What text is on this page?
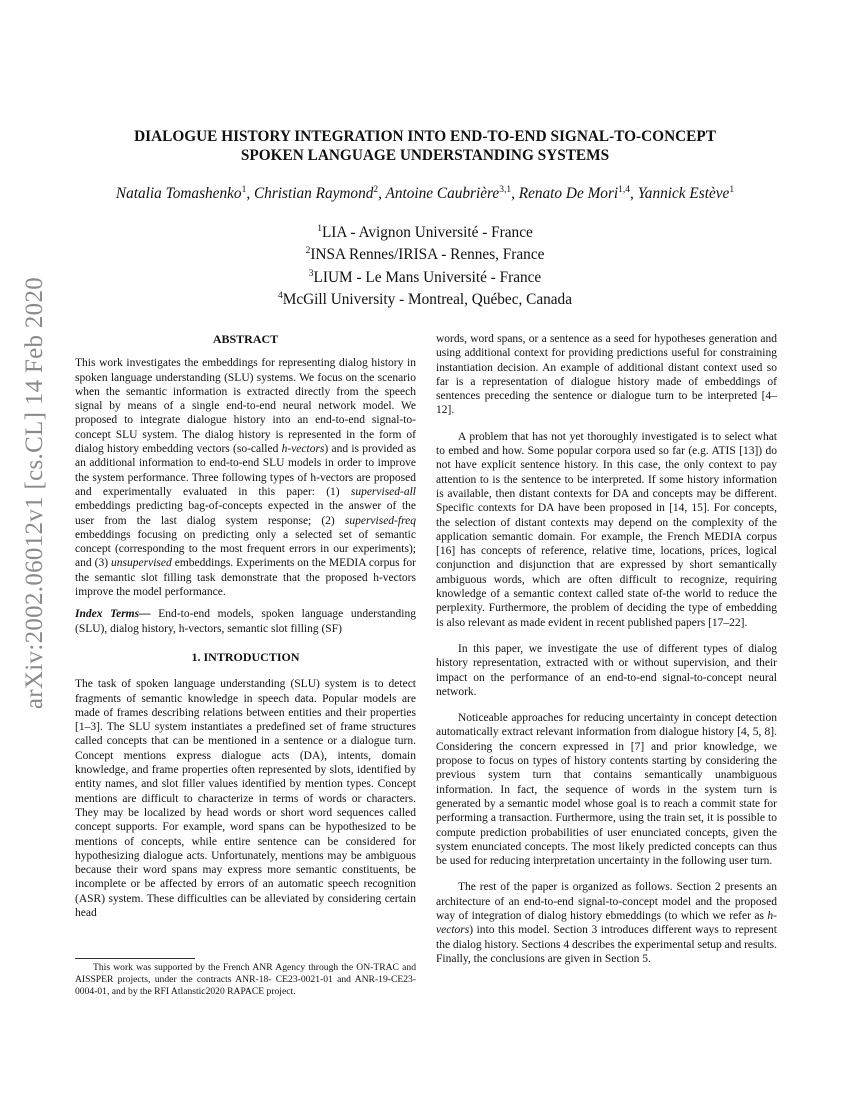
arXiv:2002.06012v1 [cs.CL] 14 Feb 2020
DIALOGUE HISTORY INTEGRATION INTO END-TO-END SIGNAL-TO-CONCEPT
SPOKEN LANGUAGE UNDERSTANDING SYSTEMS
Natalia Tomashenko$^1$, Christian Raymond$^2$, Antoine Caubrière$^{3,1}$, Renato De Mori$^{1,4}$, Yannick Estève$^1$
$^1$LIA - Avignon Université - France
$^2$INSA Rennes/IRISA - Rennes, France
$^3$LIUM - Le Mans Université - France
$^4$McGill University - Montreal, Québec, Canada
ABSTRACT

This work investigates the embeddings for representing dialog history in spoken language understanding (SLU) systems. We focus on the scenario when the semantic information is extracted directly from the speech signal by means of a single end-to-end neural network model. We proposed to integrate dialogue history into an end-to-end signal-to-concept SLU system. The dialog history is represented in the form of dialog history embedding vectors (so-called h-vectors) and is provided as an additional information to end-to-end SLU models in order to improve the system performance. Three following types of h-vectors are proposed and experimentally evaluated in this paper: (1) supervised-all embeddings predicting bag-of-concepts expected in the answer of the user from the last dialog system response; (2) supervised-freq embeddings focusing on predicting only a selected set of semantic concept (corresponding to the most frequent errors in our experiments); and (3) unsupervised embeddings. Experiments on the MEDIA corpus for the semantic slot filling task demonstrate that the proposed h-vectors improve the model performance.

Index Terms— End-to-end models, spoken language understanding (SLU), dialog history, h-vectors, semantic slot filling (SF)

1. INTRODUCTION

The task of spoken language understanding (SLU) system is to detect fragments of semantic knowledge in speech data. Popular models are made of frames describing relations between entities and their properties [1–3]. The SLU system instantiates a predefined set of frame structures called concepts that can be mentioned in a sentence or a dialogue turn. Concept mentions express dialogue acts (DA), intents, domain knowledge, and frame properties often represented by slots, identified by entity names, and slot filler values identified by mention types. Concept mentions are difficult to characterize in terms of words or characters. They may be localized by head words or short word sequences called concept supports. For example, word spans can be hypothesized to be mentions of concepts, while entire sentence can be considered for hypothesizing dialogue acts. Unfortunately, mentions may be ambiguous because their word spans may express more semantic constituents, be incomplete or be affected by errors of an automatic speech recognition (ASR) system. These difficulties can be alleviated by considering certain head

This work was supported by the French ANR Agency through the ON-TRAC and AISSPER projects, under the contracts ANR-18- CE23-0021-01 and ANR-19-CE23-0004-01, and by the RFI Atlanstic2020 RAPACE project.

words, word spans, or a sentence as a seed for hypotheses generation and using additional context for providing predictions useful for constraining instantiation decision. An example of additional distant context used so far is a representation of dialogue history made of embeddings of sentences preceding the sentence or dialogue turn to be interpreted [4–12].

A problem that has not yet thoroughly investigated is to select what to embed and how. Some popular corpora used so far (e.g. ATIS [13]) do not have explicit sentence history. In this case, the only context to pay attention to is the sentence to be interpreted. If some history information is available, then distant contexts for DA and concepts may be different. Specific contexts for DA have been proposed in [14, 15]. For concepts, the selection of distant contexts may depend on the complexity of the application semantic domain. For example, the French MEDIA corpus [16] has concepts of reference, relative time, locations, prices, logical conjunction and disjunction that are expressed by short semantically ambiguous words, which are often difficult to recognize, requiring knowledge of a semantic context called state of-the world to reduce the perplexity. Furthermore, the problem of deciding the type of embedding is also relevant as made evident in recent published papers [17–22].

In this paper, we investigate the use of different types of dialog history representation, extracted with or without supervision, and their impact on the performance of an end-to-end signal-to-concept neural network.

Noticeable approaches for reducing uncertainty in concept detection automatically extract relevant information from dialogue history [4, 5, 8]. Considering the concern expressed in [7] and prior knowledge, we propose to focus on types of history contents starting by considering the previous system turn that contains semantically unambiguous information. In fact, the sequence of words in the system turn is generated by a semantic model whose goal is to reach a commit state for performing a transaction. Furthermore, using the train set, it is possible to compute prediction probabilities of user enunciated concepts, given the system enunciated concepts. The most likely predicted concepts can thus be used for reducing interpretation uncertainty in the following user turn.

The rest of the paper is organized as follows. Section 2 presents an architecture of an end-to-end signal-to-concept model and the proposed way of integration of dialog history ebmeddings (to which we refer as h-vectors) into this model. Section 3 introduces different ways to represent the dialog history. Sections 4 describes the experimental setup and results. Finally, the conclusions are given in Section 5.
